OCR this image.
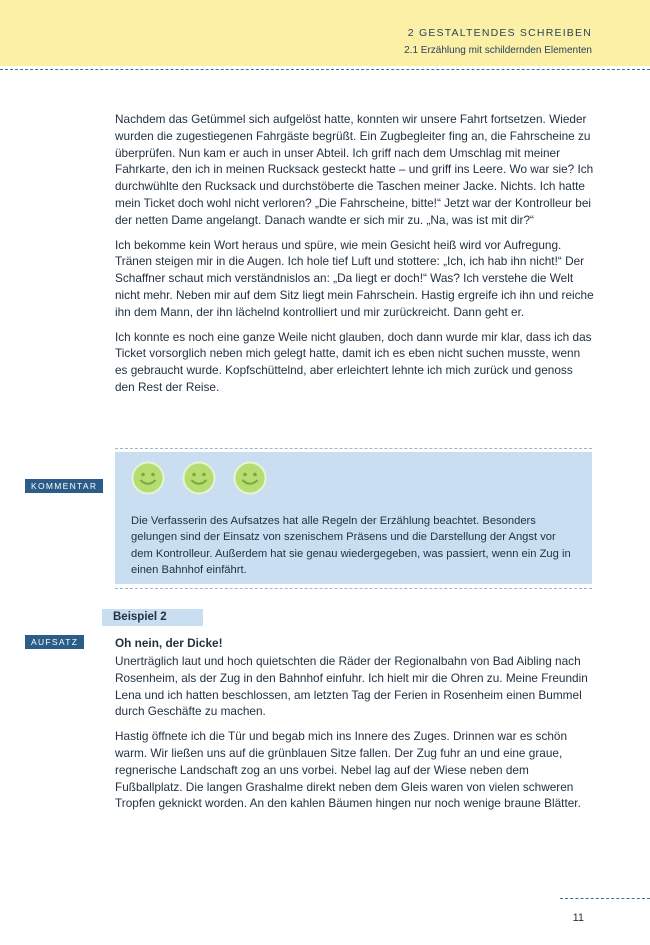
2 GESTALTENDES SCHREIBEN
2.1 Erzählung mit schildernden Elementen

Nachdem das Getümmel sich aufgelöst hatte, konnten wir unsere Fahrt fortsetzen. Wieder wurden die zugestiegenen Fahrgäste begrüßt. Ein Zugbegleiter fing an, die Fahrscheine zu überprüfen. Nun kam er auch in unser Abteil. Ich griff nach dem Umschlag mit meiner Fahrkarte, den ich in meinen Rucksack gesteckt hatte – und griff ins Leere. Wo war sie? Ich durchwühlte den Rucksack und durchstöberte die Taschen meiner Jacke. Nichts. Ich hatte mein Ticket doch wohl nicht verloren? „Die Fahrscheine, bitte!“ Jetzt war der Kontrolleur bei der netten Dame angelangt. Danach wandte er sich mir zu. „Na, was ist mit dir?“

Ich bekomme kein Wort heraus und spüre, wie mein Gesicht heiß wird vor Aufregung. Tränen steigen mir in die Augen. Ich hole tief Luft und stottere: „Ich, ich hab ihn nicht!“ Der Schaffner schaut mich verständnislos an: „Da liegt er doch!“ Was? Ich verstehe die Welt nicht mehr. Neben mir auf dem Sitz liegt mein Fahrschein. Hastig ergreife ich ihn und reiche ihn dem Mann, der ihn lächelnd kontrolliert und mir zurückreicht. Dann geht er.

Ich konnte es noch eine ganze Weile nicht glauben, doch dann wurde mir klar, dass ich das Ticket vorsorglich neben mich gelegt hatte, damit ich es eben nicht suchen musste, wenn es gebraucht wurde. Kopfschüttelnd, aber erleichtert lehnte ich mich zurück und genoss den Rest der Reise.

KOMMENTAR
Die Verfasserin des Aufsatzes hat alle Regeln der Erzählung beachtet. Besonders gelungen sind der Einsatz von szenischem Präsens und die Darstellung der Angst vor dem Kontrolleur. Außerdem hat sie genau wiedergegeben, was passiert, wenn ein Zug in einen Bahnhof einfährt.
Beispiel 2
AUFSATZ	Oh nein, der Dicke!

Unerträglich laut und hoch quietschten die Räder der Regionalbahn von Bad Aibling nach Rosenheim, als der Zug in den Bahnhof einfuhr. Ich hielt mir die Ohren zu. Meine Freundin Lena und ich hatten beschlossen, am letzten Tag der Ferien in Rosenheim einen Bummel durch Geschäfte zu machen.

Hastig öffnete ich die Tür und begab mich ins Innere des Zuges. Drinnen war es schön warm. Wir ließen uns auf die grünblauen Sitze fallen. Der Zug fuhr an und eine graue, regnerische Landschaft zog an uns vorbei. Nebel lag auf der Wiese neben dem Fußballplatz. Die langen Grashalme direkt neben dem Gleis waren von vielen schweren Tropfen geknickt worden. An den kahlen Bäumen hingen nur noch wenige braune Blätter.

11
